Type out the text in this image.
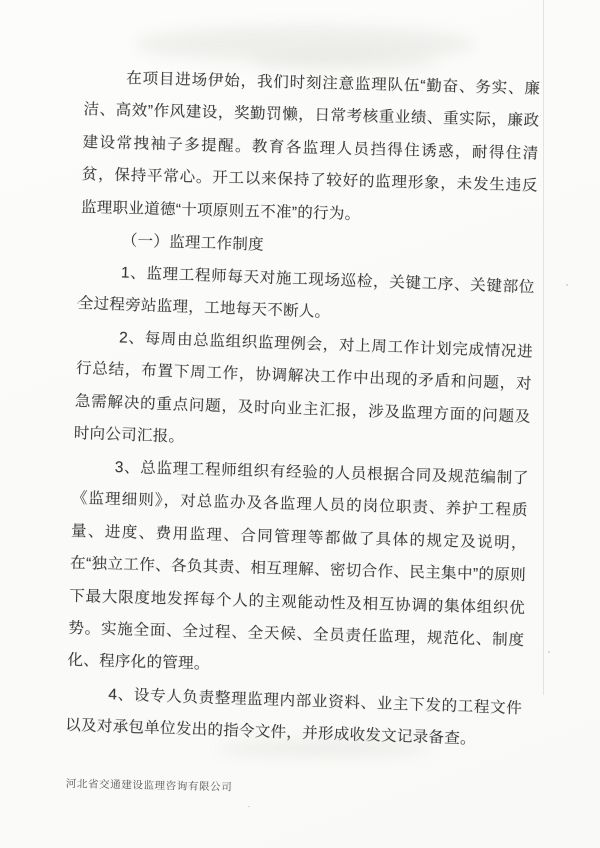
在项目进场伊始，我们时刻注意监理队伍“勤奋、务实、廉洁、高效”作风建设，奖勤罚懒，日常考核重业绩、重实际，廉政建设常拽袖子多提醒。教育各监理人员挡得住诱惑，耐得住清贫，保持平常心。开工以来保持了较好的监理形象，未发生违反监理职业道德“十项原则五不准”的行为。

（一）监理工作制度

1、监理工程师每天对施工现场巡检，关键工序、关键部位全过程旁站监理，工地每天不断人。

2、每周由总监组织监理例会，对上周工作计划完成情况进行总结，布置下周工作，协调解决工作中出现的矛盾和问题，对急需解决的重点问题，及时向业主汇报，涉及监理方面的问题及时向公司汇报。

3、总监理工程师组织有经验的人员根据合同及规范编制了《监理细则》，对总监办及各监理人员的岗位职责、养护工程质量、进度、费用监理、合同管理等都做了具体的规定及说明，在“独立工作、各负其责、相互理解、密切合作、民主集中”的原则下最大限度地发挥每个人的主观能动性及相互协调的集体组织优势。实施全面、全过程、全天候、全员责任监理，规范化、制度化、程序化的管理。

4、设专人负责整理监理内部业资料、业主下发的工程文件以及对承包单位发出的指令文件，并形成收发文记录备查。

河北省交通建设监理咨询有限公司
